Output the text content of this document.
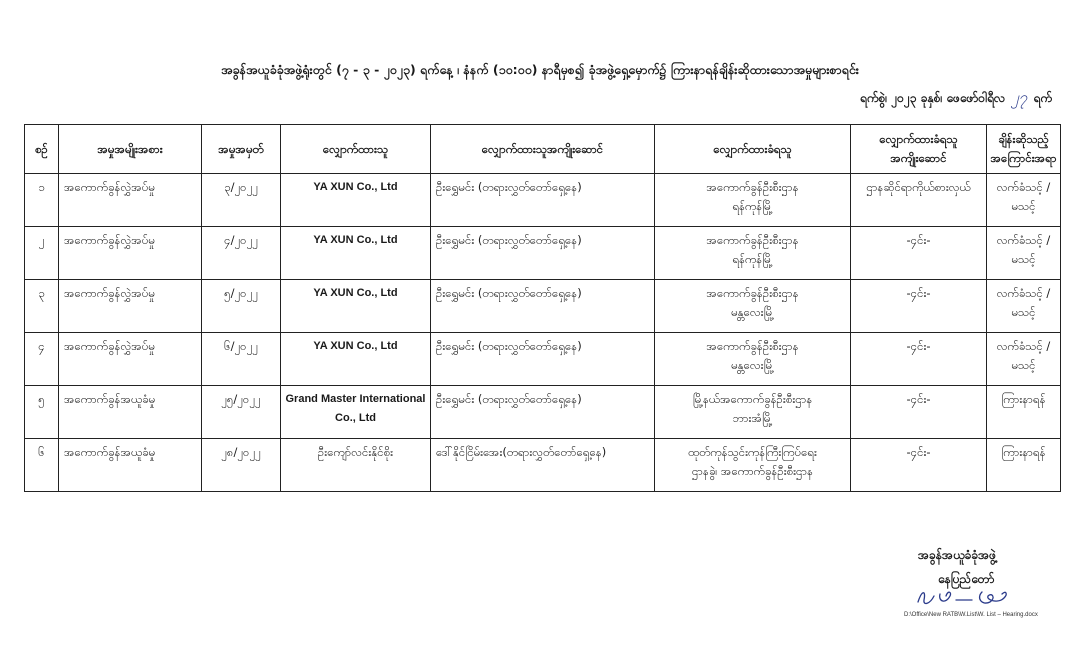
အခွန်အယူခံခုံအဖွဲ့ရုံးတွင် (၇ - ၃ - ၂၀၂၃) ရက်နေ့ ၊ နံနက် (၁၀:၀၀) နာရီမှစ၍ ခုံအဖွဲ့ရှေ့မှောက်၌ ကြားနာရန်ချိန်းဆိုထားသောအမှုများစာရင်း
ရက်စွဲ၊ ၂၀၂၃ ခုနှစ်၊ ဖေဖော်ဝါရီလ ၂၇ ရက်
စဉ်	အမှုအမျိုးအစား	အမှုအမှတ်	လျှောက်ထားသူ	လျှောက်ထားသူအကျိုးဆောင်	လျှောက်ထားခံရသူ	လျှောက်ထားခံရသူ အကျိုးဆောင်	ချိန်းဆိုသည့် အကြောင်းအရာ
၁	အကောက်ခွန်လွှဲအပ်မှု	၃/၂၀၂၂	YA XUN Co., Ltd	ဦးရွှေမင်း (တရားလွှတ်တော်ရှေ့နေ)	အကောက်ခွန်ဦးစီးဌာန
ရန်ကုန်မြို့	ဌာနဆိုင်ရာကိုယ်စားလှယ်	လက်ခံသင့် /
မသင့်

၂	အကောက်ခွန်လွှဲအပ်မှု	၄/၂၀၂၂	YA XUN Co., Ltd	ဦးရွှေမင်း (တရားလွှတ်တော်ရှေ့နေ)	အကောက်ခွန်ဦးစီးဌာန
ရန်ကုန်မြို့	-၄င်း-	လက်ခံသင့် /
မသင့်

၃	အကောက်ခွန်လွှဲအပ်မှု	၅/၂၀၂၂	YA XUN Co., Ltd	ဦးရွှေမင်း (တရားလွှတ်တော်ရှေ့နေ)	အကောက်ခွန်ဦးစီးဌာန
မန္တလေးမြို့	-၄င်း-	လက်ခံသင့် /
မသင့်

၄	အကောက်ခွန်လွှဲအပ်မှု	၆/၂၀၂၂	YA XUN Co., Ltd	ဦးရွှေမင်း (တရားလွှတ်တော်ရှေ့နေ)	အကောက်ခွန်ဦးစီးဌာန
မန္တလေးမြို့	-၄င်း-	လက်ခံသင့် /
မသင့်

၅	အကောက်ခွန်အယူခံမှု	၂၅/၂၀၂၂	Grand Master International
Co., Ltd	ဦးရွှေမင်း (တရားလွှတ်တော်ရှေ့နေ)	မြို့နယ်အကောက်ခွန်ဦးစီးဌာန
ဘားအံမြို့	-၄င်း-	ကြားနာရန်

၆	အကောက်ခွန်အယူခံမှု	၂၈/၂၀၂၂	ဦးကျော်လင်းနိုင်စိုး	ဒေါ်နိုင်ငြိမ်းအေး(တရားလွှတ်တော်ရှေ့နေ)	ထုတ်ကုန်သွင်းကုန်ကြီးကြပ်ရေး
ဌာနခွဲ၊ အကောက်ခွန်ဦးစီးဌာန	-၄င်း-	ကြားနာရန်
အခွန်အယူခံခုံအဖွဲ့
နေပြည်တော်
D:\Office\New RATB\W.List\W. List – Hearing.docx
